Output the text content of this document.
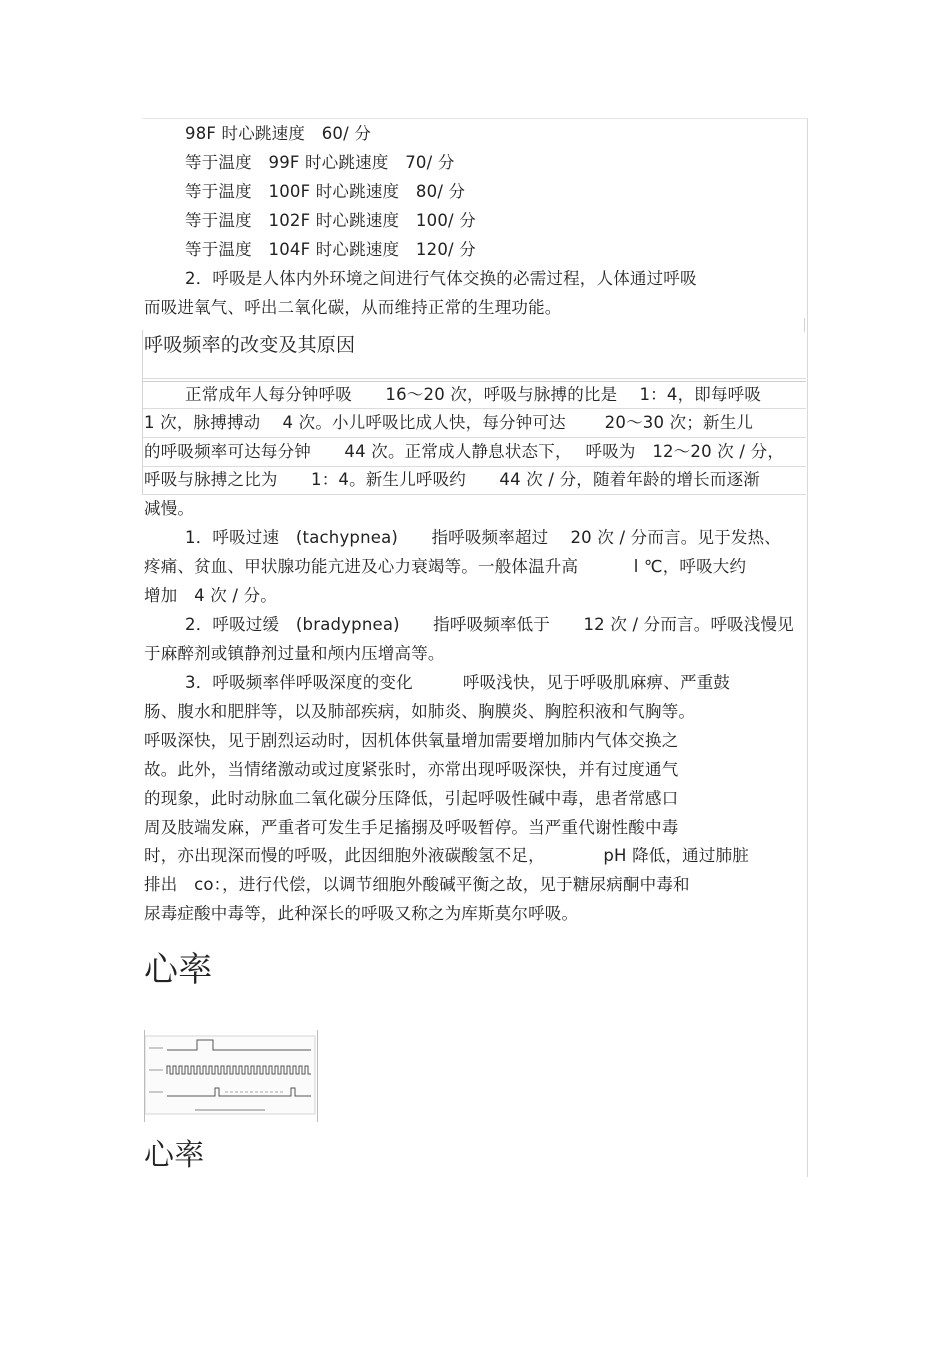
98F 时心跳速度　60/ 分
等于温度　99F 时心跳速度　70/ 分
等于温度　100F 时心跳速度　80/ 分
等于温度　102F 时心跳速度　100/ 分
等于温度　104F 时心跳速度　120/ 分
2．呼吸是人体内外环境之间进行气体交换的必需过程，人体通过呼吸
而吸进氧气、呼出二氧化碳，从而维持正常的生理功能。
呼吸频率的改变及其原因
正常成年人每分钟呼吸　　16～20 次，呼吸与脉搏的比是　 1：4，即每呼吸
1 次，脉搏搏动　 4 次。小儿呼吸比成人快，每分钟可达　　 20～30 次；新生儿
的呼吸频率可达每分钟　　44 次。正常成人静息状态下，　 呼吸为　12～20 次 / 分，
呼吸与脉搏之比为　　1：4。新生儿呼吸约　　44 次 / 分，随着年龄的增长而逐渐
减慢。
1．呼吸过速　(tachypnea)　　指呼吸频率超过　 20 次 / 分而言。见于发热、
疼痛、贫血、甲状腺功能亢进及心力衰竭等。一般体温升高　　　 l ℃，呼吸大约
增加　4 次 / 分。
2．呼吸过缓　(bradypnea)　　指呼吸频率低于　　12 次 / 分而言。呼吸浅慢见
于麻醉剂或镇静剂过量和颅内压增高等。
3．呼吸频率伴呼吸深度的变化　　　呼吸浅快，见于呼吸肌麻痹、严重鼓
肠、腹水和肥胖等，以及肺部疾病，如肺炎、胸膜炎、胸腔积液和气胸等。
呼吸深快，见于剧烈运动时，因机体供氧量增加需要增加肺内气体交换之
故。此外，当情绪激动或过度紧张时，亦常出现呼吸深快，并有过度通气
的现象，此时动脉血二氧化碳分压降低，引起呼吸性碱中毒，患者常感口
周及肢端发麻，严重者可发生手足搐搦及呼吸暂停。当严重代谢性酸中毒
时，亦出现深而慢的呼吸，此因细胞外液碳酸氢不足，　　　　pH 降低，通过肺脏
排出　co：，进行代偿，以调节细胞外酸碱平衡之故，见于糖尿病酮中毒和
尿毒症酸中毒等，此种深长的呼吸又称之为库斯莫尔呼吸。
心率
心率
